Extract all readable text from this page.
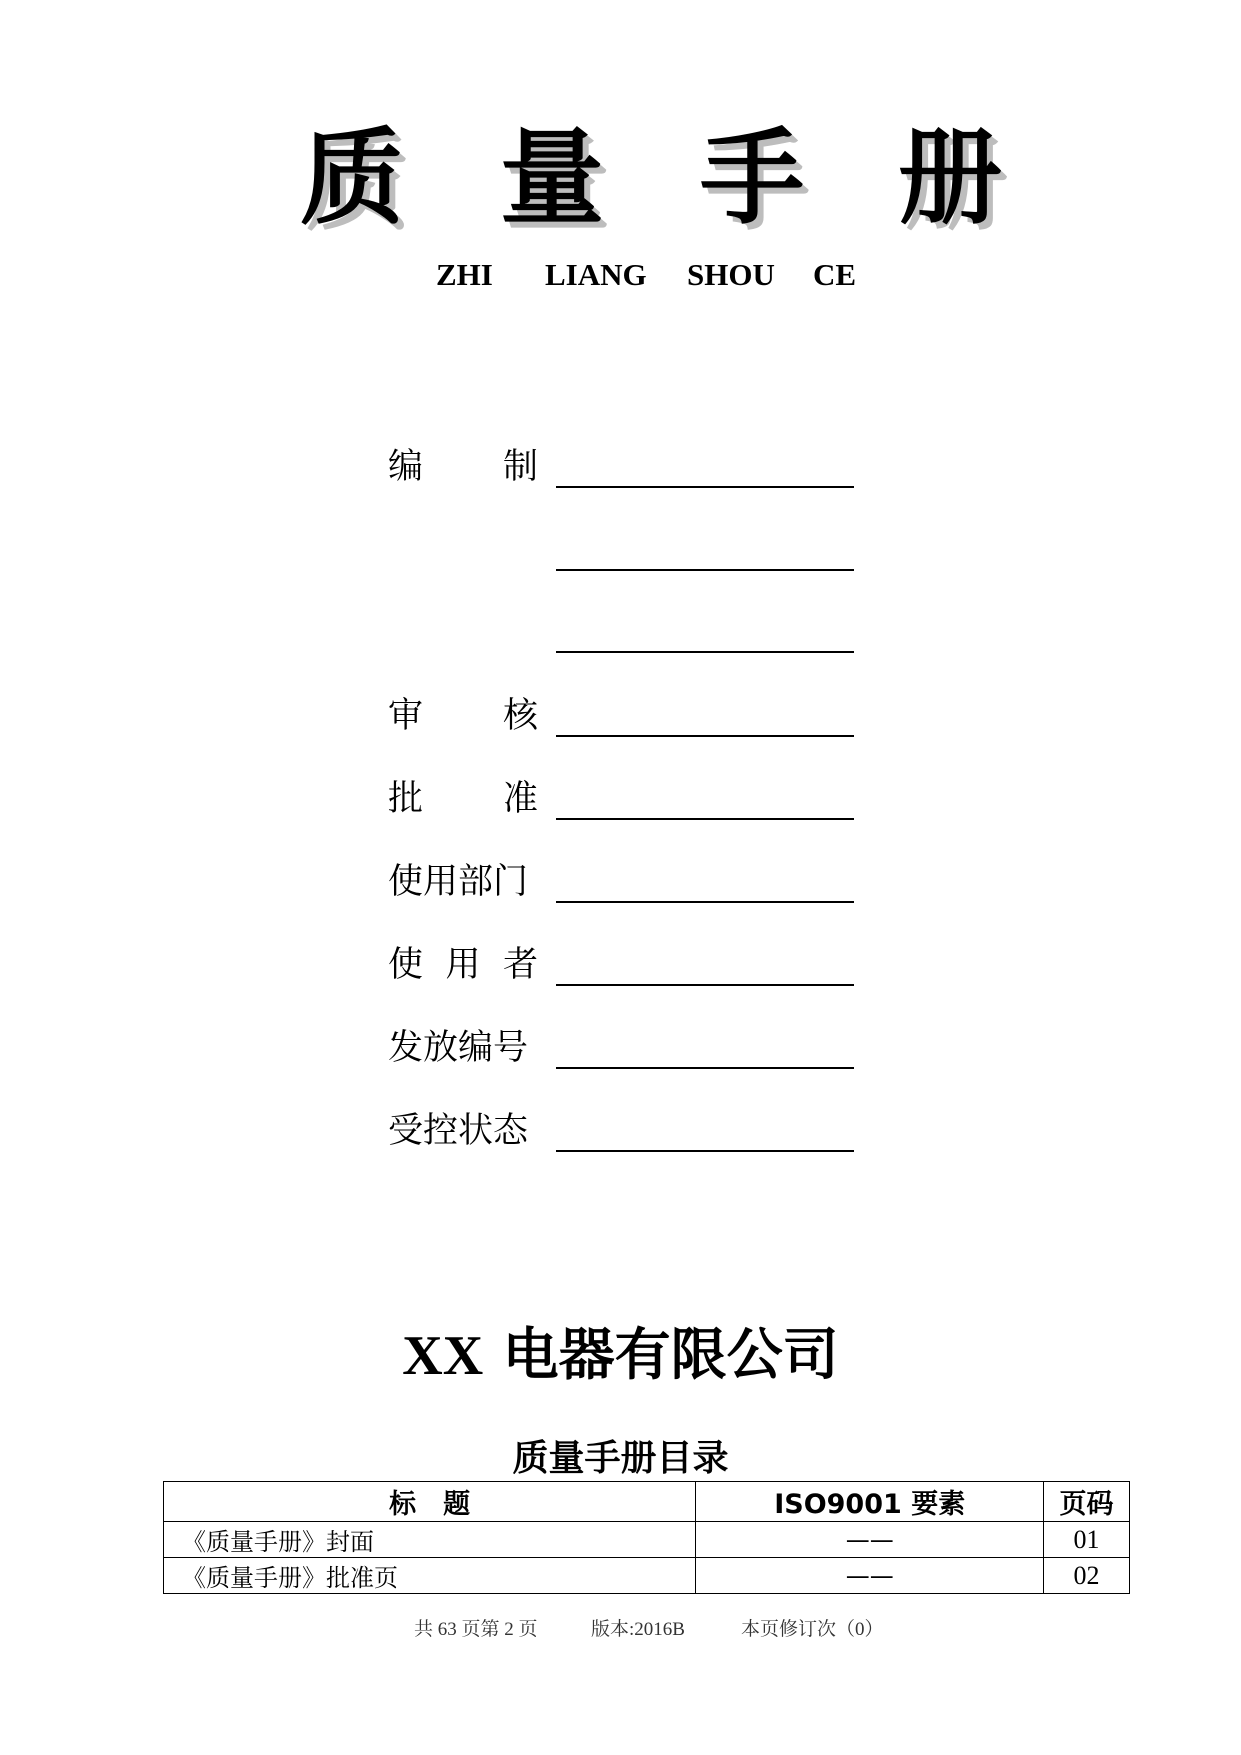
质 量 手 册
ZHI LIANG SHOU CE
编 制
审 核
批 准
使用部门
使 用 者
发放编号
受控状态
XX 电器有限公司
质量手册目录
标　题	ISO9001 要素	页码
《质量手册》封面	——	01
《质量手册》批准页	——	02
共 63 页第 2 页	版本:2016B	本页修订次（0）
